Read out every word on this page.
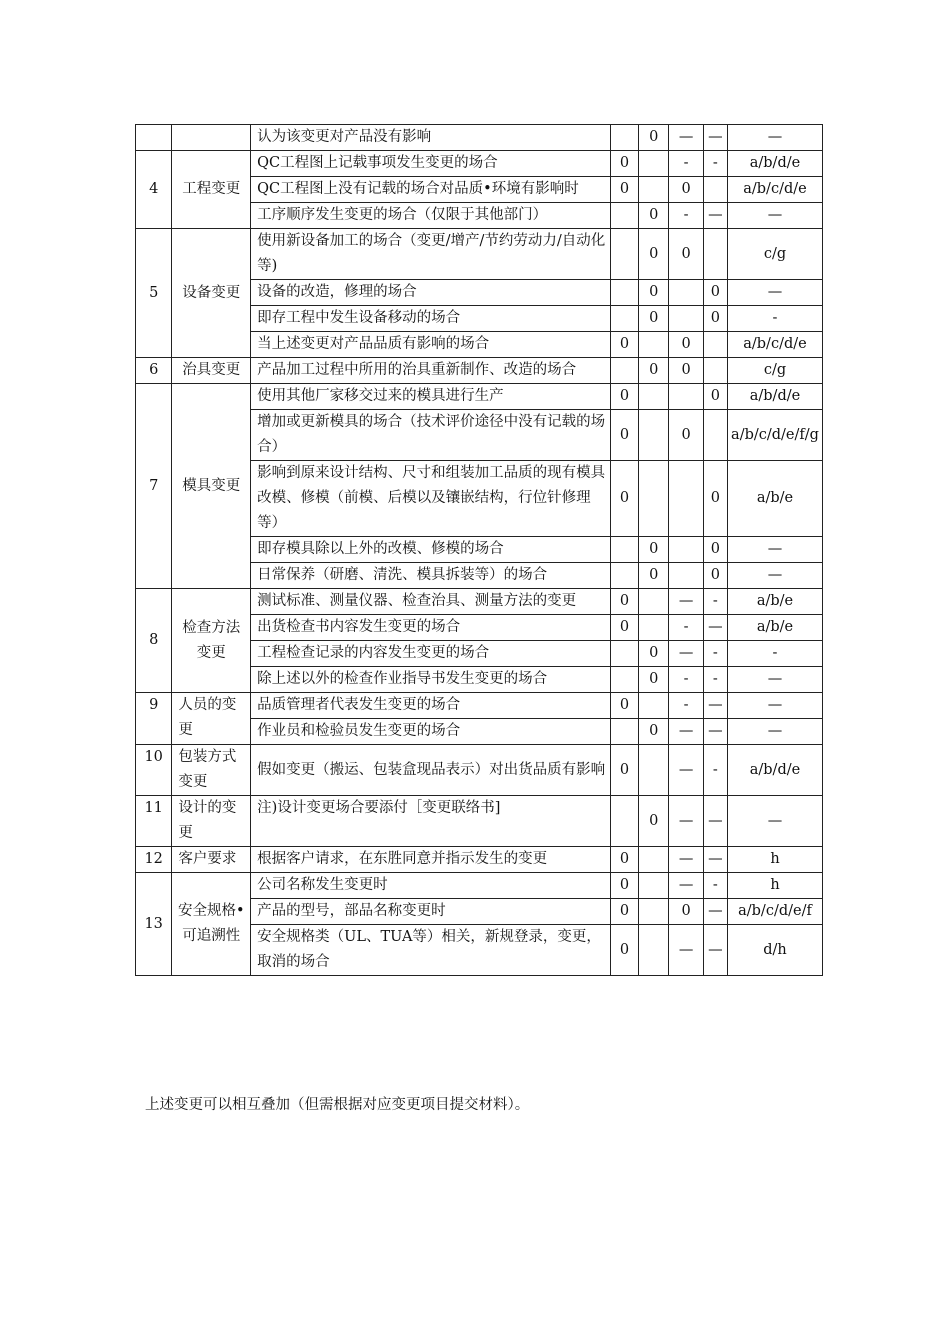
		认为该变更对产品没有影响		0	—	—	—
4	工程变更	QC工程图上记载事项发生变更的场合	0		-	-	a/b/d/e
		QC工程图上没有记载的场合对品质•环境有影响时	0		0		a/b/c/d/e
		工序顺序发生变更的场合（仅限于其他部门）		0	-	—	—
5	设备变更	使用新设备加工的场合（变更/增产/节约劳动力/自动化等)		0	0		c/g
		设备的改造，修理的场合		0		0	—
		即存工程中发生设备移动的场合		0		0	-
		当上述变更对产品品质有影响的场合	0		0		a/b/c/d/e
6	治具变更	产品加工过程中所用的治具重新制作、改造的场合		0	0		c/g
7	模具变更	使用其他厂家移交过来的模具进行生产	0			0	a/b/d/e
		增加或更新模具的场合（技术评价途径中没有记载的场合）	0		0		a/b/c/d/e/f/g
		影响到原来设计结构、尺寸和组装加工品质的现有模具改模、修模（前模、后模以及镶嵌结构，行位针修理等）	0			0	a/b/e
		即存模具除以上外的改模、修模的场合		0		0	—
		日常保养（研磨、清洗、模具拆装等）的场合		0		0	—
8	检查方法变更	测试标准、测量仪器、检查治具、测量方法的变更	0		—	-	a/b/e
		出货检查书内容发生变更的场合	0		-	—	a/b/e
		工程检查记录的内容发生变更的场合		0	—	-	-
		除上述以外的检查作业指导书发生变更的场合		0	-	-	—
9	人员的变更	品质管理者代表发生变更的场合	0		-	—	—
		作业员和检验员发生变更的场合		0	—	—	—
10	包装方式变更	假如变更（搬运、包装盒现品表示）对出货品质有影响	0		—	-	a/b/d/e
11	设计的变更	注)设计变更场合要添付［变更联络书]		0	—	—	—
12	客户要求	根据客户请求，在东胜同意并指示发生的变更	0		—	—	h
13	安全规格•可追溯性	公司名称发生变更时	0		—	-	h
		产品的型号，部品名称变更时	0		0	—	a/b/c/d/e/f
		安全规格类（UL、TUA等）相关，新规登录，变更，取消的场合	0		—	—	d/h
上述变更可以相互叠加（但需根据对应变更项目提交材料）。
